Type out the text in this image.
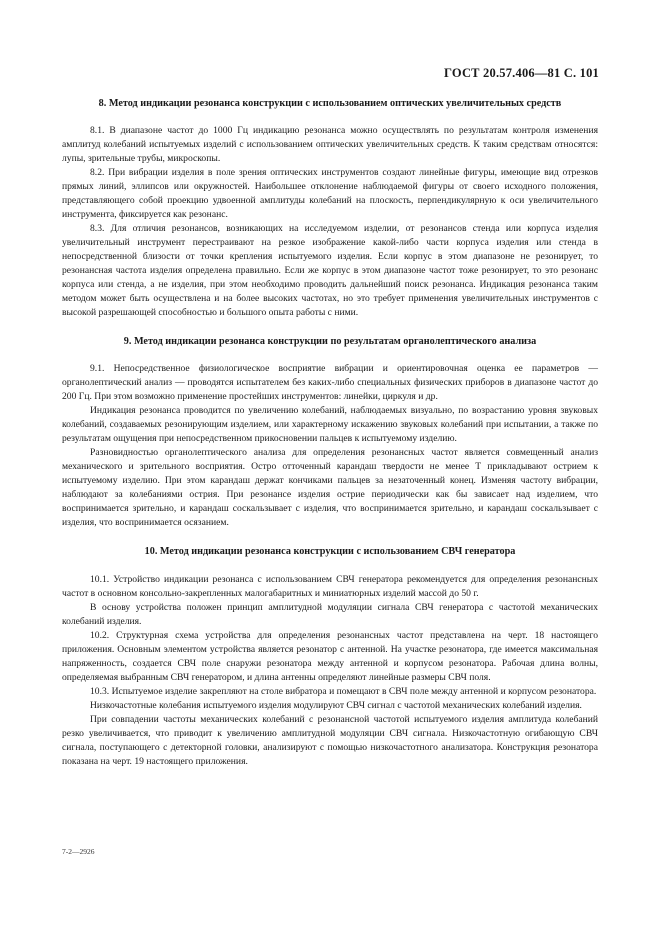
ГОСТ 20.57.406—81 С. 101
8. Метод индикации резонанса конструкции с использованием оптических увеличительных средств

8.1. В диапазоне частот до 1000 Гц индикацию резонанса можно осуществлять по результатам контроля изменения амплитуд колебаний испытуемых изделий с использованием оптических увеличительных средств. К таким средствам относятся: лупы, зрительные трубы, микроскопы.

8.2. При вибрации изделия в поле зрения оптических инструментов создают линейные фигуры, имеющие вид отрезков прямых линий, эллипсов или окружностей. Наибольшее отклонение наблюдаемой фигуры от своего исходного положения, представляющего собой проекцию удвоенной амплитуды колебаний на плоскость, перпендикулярную к оси увеличительного инструмента, фиксируется как резонанс.

8.3. Для отличия резонансов, возникающих на исследуемом изделии, от резонансов стенда или корпуса изделия увеличительный инструмент перестраивают на резкое изображение какой-либо части корпуса изделия или стенда в непосредственной близости от точки крепления испытуемого изделия. Если корпус в этом диапазоне не резонирует, то резонансная частота изделия определена правильно. Если же корпус в этом диапазоне частот тоже резонирует, то это резонанс корпуса или стенда, а не изделия, при этом необходимо проводить дальнейший поиск резонанса. Индикация резонанса таким методом может быть осуществлена и на более высоких частотах, но это требует применения увеличительных инструментов с высокой разрешающей способностью и большого опыта работы с ними.

9. Метод индикации резонанса конструкции по результатам органолептического анализа

9.1. Непосредственное физиологическое восприятие вибрации и ориентировочная оценка ее параметров — органолептический анализ — проводятся испытателем без каких-либо специальных физических приборов в диапазоне частот до 200 Гц. При этом возможно применение простейших инструментов: линейки, циркуля и др.

Индикация резонанса проводится по увеличению колебаний, наблюдаемых визуально, по возрастанию уровня звуковых колебаний, создаваемых резонирующим изделием, или характерному искажению звуковых колебаний при испытании, а также по результатам ощущения при непосредственном прикосновении пальцев к испытуемому изделию.

Разновидностью органолептического анализа для определения резонансных частот является совмещенный анализ механического и зрительного восприятия. Остро отточенный карандаш твердости не менее Т прикладывают острием к испытуемому изделию. При этом карандаш держат кончиками пальцев за незаточенный конец. Изменяя частоту вибрации, наблюдают за колебаниями острия. При резонансе изделия острие периодически как бы зависает над изделием, что воспринимается зрительно, и карандаш соскальзывает с изделия, что воспринимается зрительно, и карандаш соскальзывает с изделия, что воспринимается осязанием.

10. Метод индикации резонанса конструкции с использованием СВЧ генератора

10.1. Устройство индикации резонанса с использованием СВЧ генератора рекомендуется для определения резонансных частот в основном консольно-закрепленных малогабаритных и миниатюрных изделий массой до 50 г.

В основу устройства положен принцип амплитудной модуляции сигнала СВЧ генератора с частотой механических колебаний изделия.

10.2. Структурная схема устройства для определения резонансных частот представлена на черт. 18 настоящего приложения. Основным элементом устройства является резонатор с антенной. На участке резонатора, где имеется максимальная напряженность, создается СВЧ поле снаружи резонатора между антенной и корпусом резонатора. Рабочая длина волны, определяемая выбранным СВЧ генератором, и длина антенны определяют линейные размеры СВЧ поля.

10.3. Испытуемое изделие закрепляют на столе вибратора и помещают в СВЧ поле между антенной и корпусом резонатора.

Низкочастотные колебания испытуемого изделия модулируют СВЧ сигнал с частотой механических колебаний изделия.

При совпадении частоты механических колебаний с резонансной частотой испытуемого изделия амплитуда колебаний резко увеличивается, что приводит к увеличению амплитудной модуляции СВЧ сигнала. Низкочастотную огибающую СВЧ сигнала, поступающего с детекторной головки, анализируют с помощью низкочастотного анализатора. Конструкция резонатора показана на черт. 19 настоящего приложения.

7-2—2926
